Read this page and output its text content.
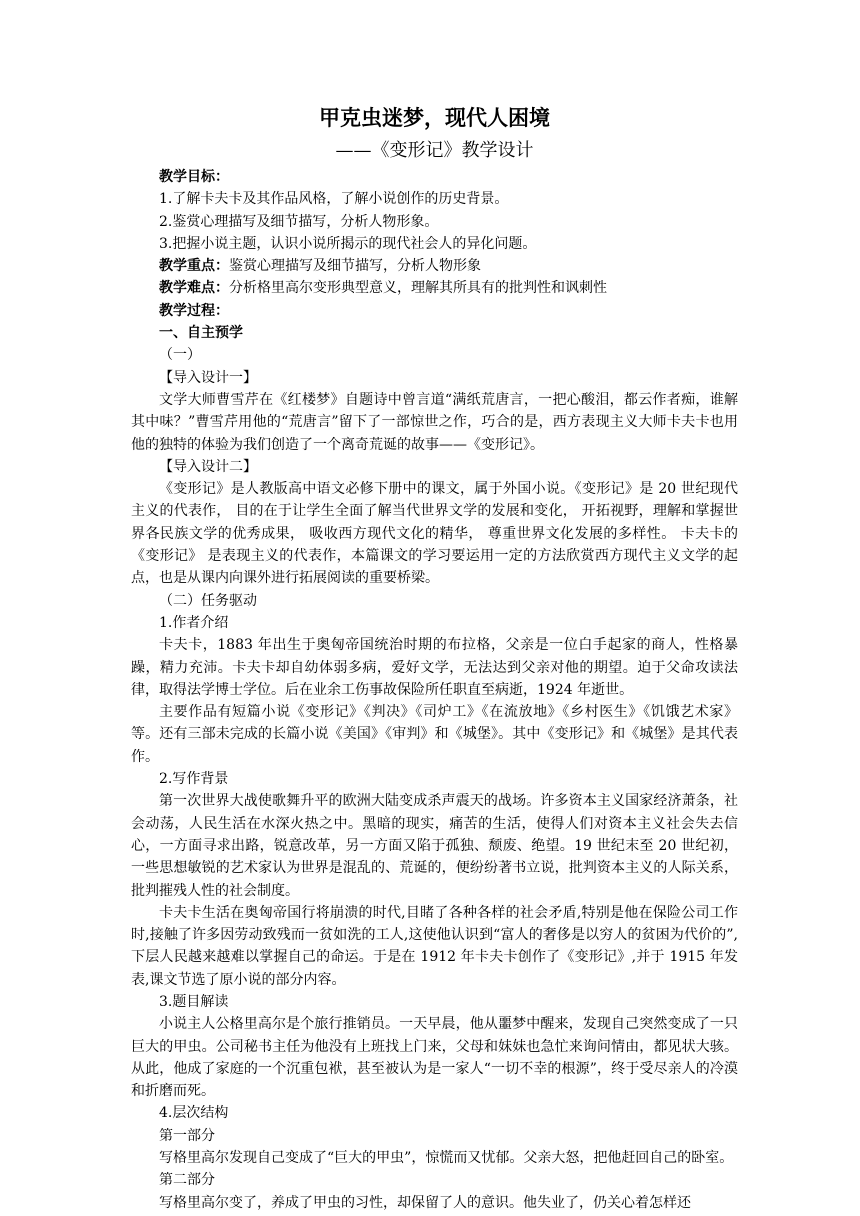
甲克虫迷梦，现代人困境
——《变形记》教学设计

教学目标：

1.了解卡夫卡及其作品风格，了解小说创作的历史背景。

2.鉴赏心理描写及细节描写，分析人物形象。

3.把握小说主题，认识小说所揭示的现代社会人的异化问题。

教学重点：鉴赏心理描写及细节描写，分析人物形象

教学难点：分析格里高尔变形典型意义，理解其所具有的批判性和讽刺性

教学过程：

一、自主预学

（一）

【导入设计一】

文学大师曹雪芹在《红楼梦》自题诗中曾言道“满纸荒唐言，一把心酸泪，都云作者痴，谁解其中味？”曹雪芹用他的“荒唐言”留下了一部惊世之作，巧合的是，西方表现主义大师卡夫卡也用他的独特的体验为我们创造了一个离奇荒诞的故事——《变形记》。

【导入设计二】

《变形记》是人教版高中语文必修下册中的课文，属于外国小说。《变形记》是 20 世纪现代主义的代表作， 目的在于让学生全面了解当代世界文学的发展和变化， 开拓视野，理解和掌握世界各民族文学的优秀成果， 吸收西方现代文化的精华， 尊重世界文化发展的多样性。 卡夫卡的《变形记》 是表现主义的代表作，本篇课文的学习要运用一定的方法欣赏西方现代主义文学的起点，也是从课内向课外进行拓展阅读的重要桥梁。

（二）任务驱动

1.作者介绍

卡夫卡，1883 年出生于奥匈帝国统治时期的布拉格，父亲是一位白手起家的商人，性格暴躁，精力充沛。卡夫卡却自幼体弱多病，爱好文学，无法达到父亲对他的期望。迫于父命攻读法律，取得法学博士学位。后在业余工伤事故保险所任职直至病逝，1924 年逝世。

主要作品有短篇小说《变形记》《判决》《司炉工》《在流放地》《乡村医生》《饥饿艺术家》等。还有三部未完成的长篇小说《美国》《审判》和《城堡》。其中《变形记》和《城堡》是其代表作。

2.写作背景

第一次世界大战使歌舞升平的欧洲大陆变成杀声震天的战场。许多资本主义国家经济萧条，社会动荡，人民生活在水深火热之中。黑暗的现实，痛苦的生活，使得人们对资本主义社会失去信心，一方面寻求出路，锐意改革，另一方面又陷于孤独、颓废、绝望。19 世纪末至 20 世纪初，一些思想敏锐的艺术家认为世界是混乱的、荒诞的，便纷纷著书立说，批判资本主义的人际关系，批判摧残人性的社会制度。

卡夫卡生活在奥匈帝国行将崩溃的时代,目睹了各种各样的社会矛盾,特别是他在保险公司工作时,接触了许多因劳动致残而一贫如洗的工人,这使他认识到“富人的奢侈是以穷人的贫困为代价的”,下层人民越来越难以掌握自己的命运。于是在 1912 年卡夫卡创作了《变形记》,并于 1915 年发表,课文节选了原小说的部分内容。

3.题目解读

小说主人公格里高尔是个旅行推销员。一天早晨，他从噩梦中醒来，发现自己突然变成了一只巨大的甲虫。公司秘书主任为他没有上班找上门来，父母和妹妹也急忙来询问情由，都见状大骇。从此，他成了家庭的一个沉重包袱，甚至被认为是一家人“一切不幸的根源”，终于受尽亲人的冷漠和折磨而死。

4.层次结构

第一部分

写格里高尔发现自己变成了“巨大的甲虫”，惊慌而又忧郁。父亲大怒，把他赶回自己的卧室。

第二部分

写格里高尔变了，养成了甲虫的习性，却保留了人的意识。他失业了，仍关心着怎样还
